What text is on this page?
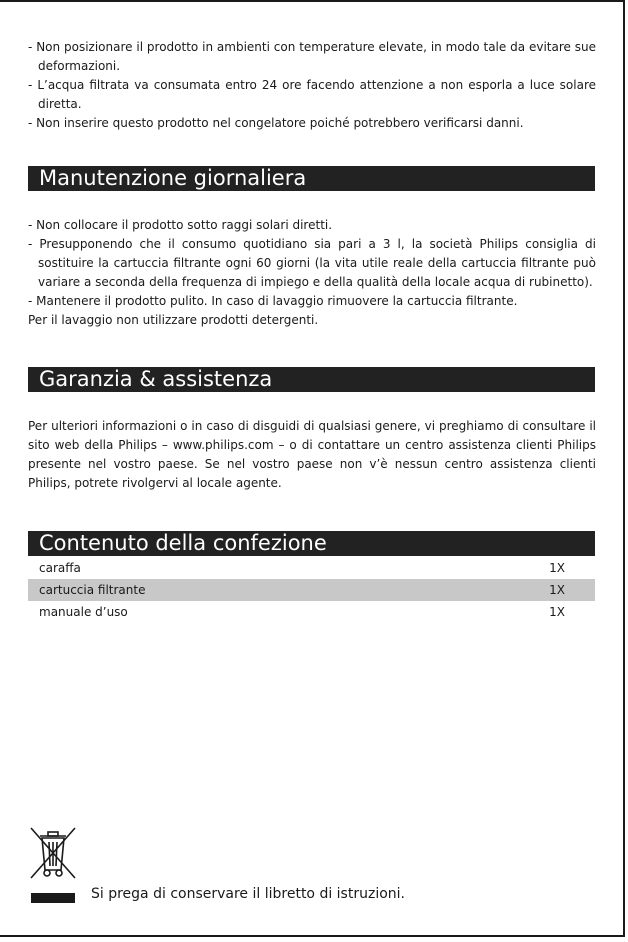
- Non posizionare il prodotto in ambienti con temperature elevate, in modo tale da evitare sue deformazioni.

- L’acqua filtrata va consumata entro 24 ore facendo attenzione a non esporla a luce solare diretta.

- Non inserire questo prodotto nel congelatore poiché potrebbero verificarsi danni.

Manutenzione giornaliera

- Non collocare il prodotto sotto raggi solari diretti.

- Presupponendo che il consumo quotidiano sia pari a 3 l, la società Philips consiglia di sostituire la cartuccia filtrante ogni 60 giorni (la vita utile reale della cartuccia filtrante può variare a seconda della frequenza di impiego e della qualità della locale acqua di rubinetto).

- Mantenere il prodotto pulito. In caso di lavaggio rimuovere la cartuccia filtrante.

Per il lavaggio non utilizzare prodotti detergenti.

Garanzia & assistenza

Per ulteriori informazioni o in caso di disguidi di qualsiasi genere, vi preghiamo di consultare il sito web della Philips – www.philips.com – o di contattare un centro assistenza clienti Philips presente nel vostro paese. Se nel vostro paese non v’è nessun centro assistenza clienti Philips, potrete rivolgervi al locale agente.

Contenuto della confezione
caraffa	1X
cartuccia filtrante	1X
manuale d’uso	1X
Si prega di conservare il libretto di istruzioni.
